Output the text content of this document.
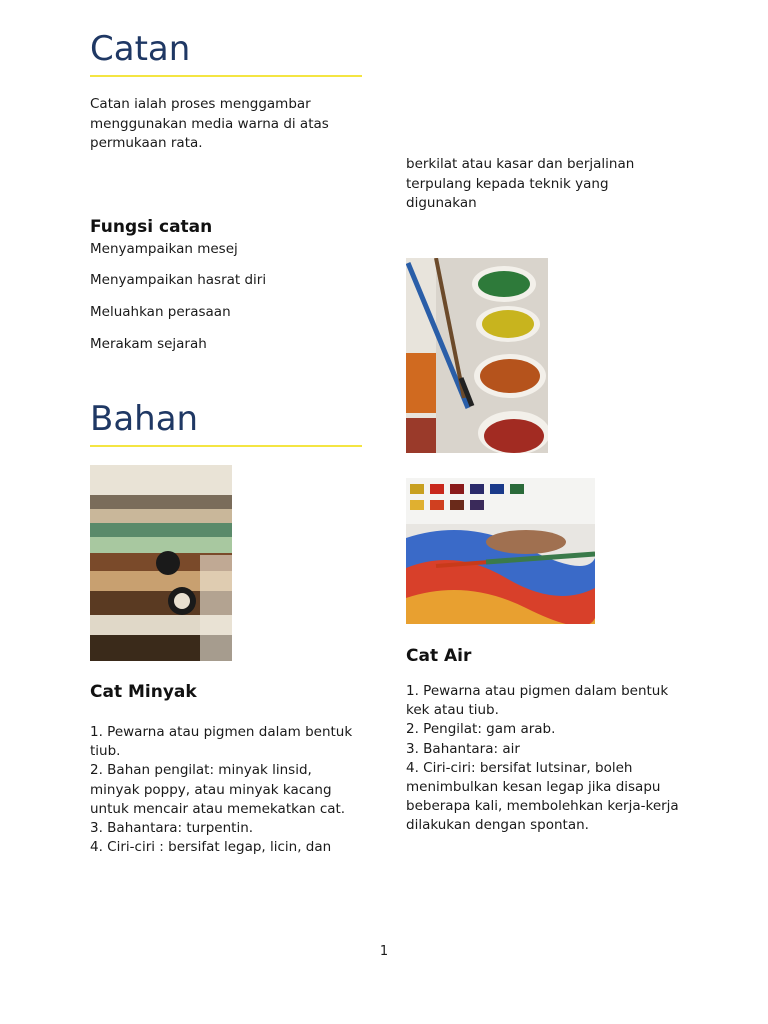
Catan

Catan ialah proses menggambar menggunakan media warna di atas permukaan rata.

berkilat atau kasar dan berjalinan terpulang kepada teknik yang digunakan

Fungsi catan

Menyampaikan mesej

Menyampaikan hasrat diri

Meluahkan perasaan

Merakam sejarah

Bahan
Cat Air

1. Pewarna atau pigmen dalam bentuk kek atau tiub.

2. Pengilat: gam arab.

3. Bahantara: air

4. Ciri-ciri: bersifat lutsinar, boleh menimbulkan kesan legap jika disapu beberapa kali, membolehkan kerja-kerja dilakukan dengan spontan.

Cat Minyak

1. Pewarna atau pigmen dalam bentuk tiub.

2. Bahan pengilat: minyak linsid, minyak poppy, atau minyak kacang untuk mencair atau memekatkan cat.

3. Bahantara: turpentin.

4. Ciri-ciri : bersifat legap, licin, dan

1
